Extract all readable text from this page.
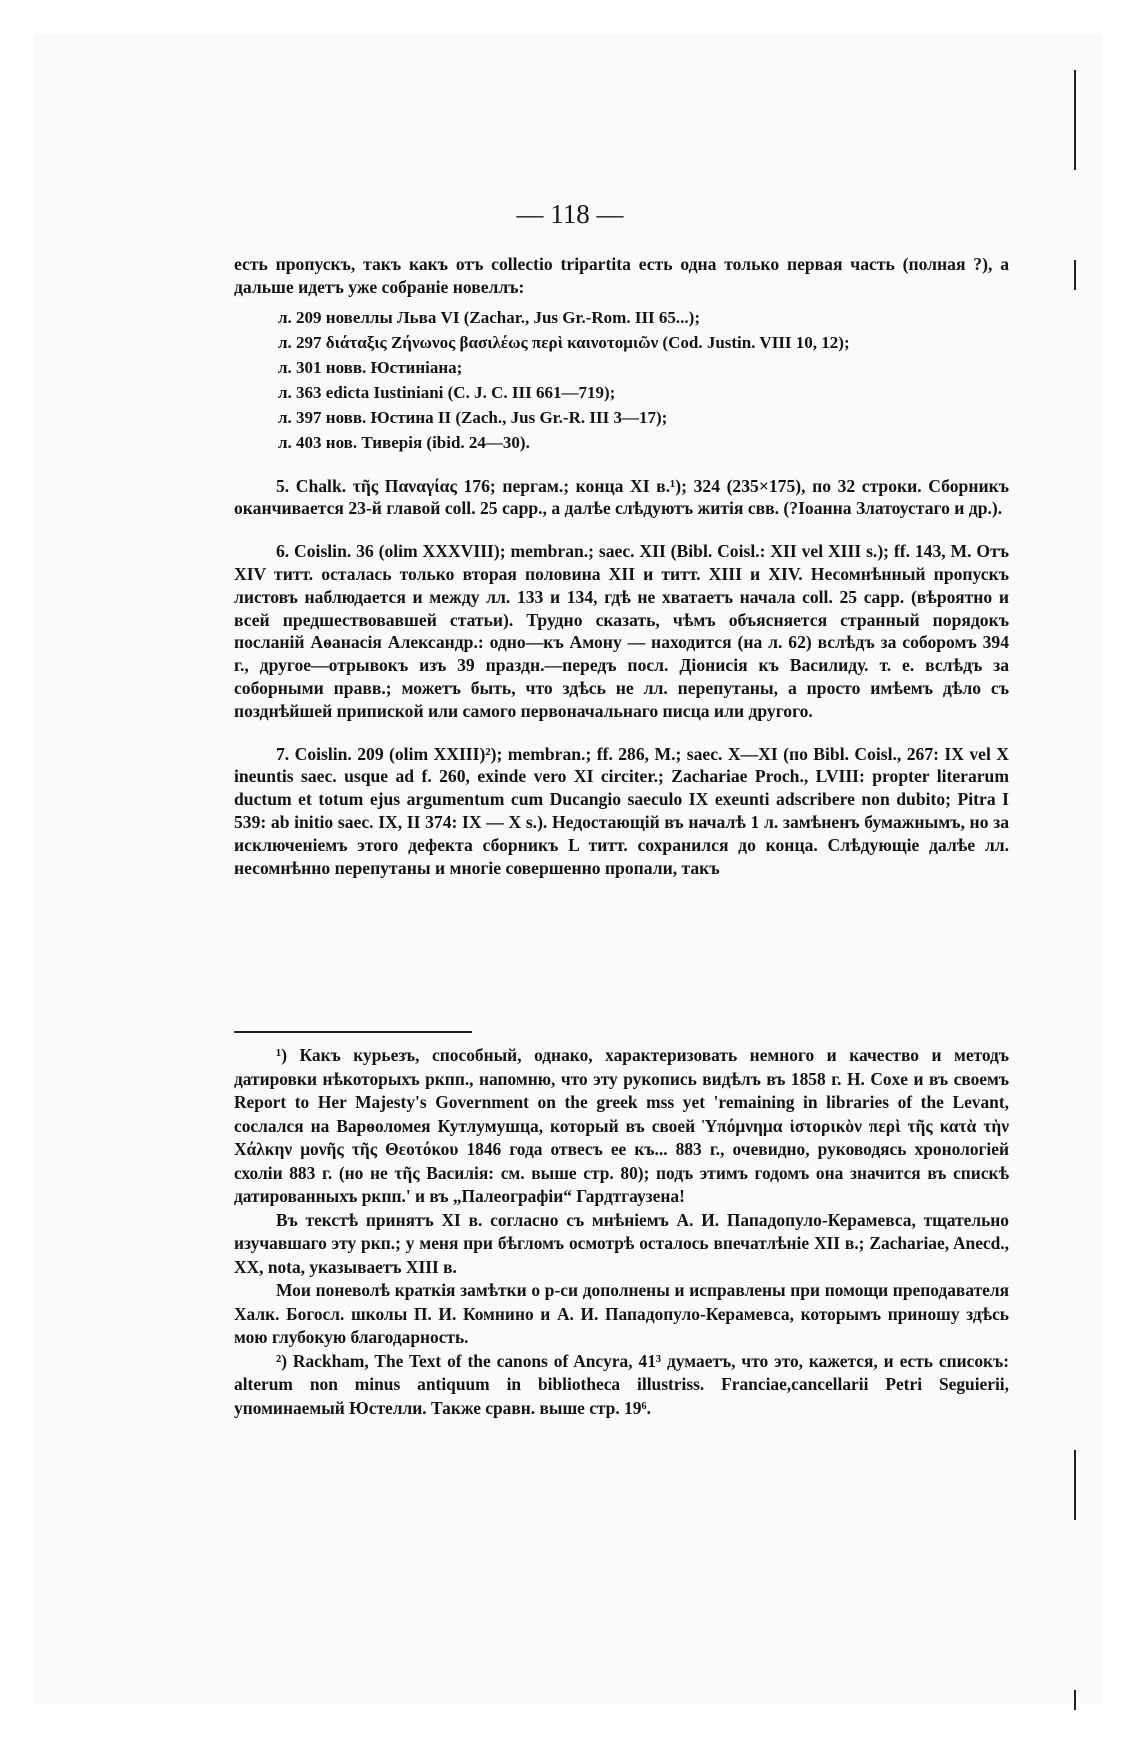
— 118 —

есть пропускъ, такъ какъ отъ collectio tripartita есть одна только первая часть (полная ?), а дальше идетъ уже собраніе новеллъ:

л. 209 новеллы Льва VI (Zachar., Jus Gr.-Rom. III 65...);
л. 297 διάταξις Ζήνωνος βασιλέως περὶ καινοτομιῶν (Cod. Justin. VIII 10, 12);
л. 301 новв. Юстиніана;
л. 363 edicta Iustiniani (C. J. C. III 661—719);
л. 397 новв. Юстина II (Zach., Jus Gr.-R. III 3—17);
л. 403 нов. Тиверія (ibid. 24—30).

5. Chalk. τῆς Παναγίας 176; пергам.; конца XI в.¹); 324 (235×175), по 32 строки. Сборникъ оканчивается 23-й главой coll. 25 capp., а далѣе слѣдуютъ житія свв. (?Іоанна Златоустаго и др.).

6. Coislin. 36 (olim XXXVIII); membran.; saec. XII (Bibl. Coisl.: XII vel XIII s.); ff. 143, M. Отъ XIV титт. осталась только вторая половина XII и титт. XIII и XIV. Несомнѣнный пропускъ листовъ наблюдается и между лл. 133 и 134, гдѣ не хватаетъ начала coll. 25 capp. (вѣроятно и всей предшествовавшей статьи). Трудно сказать, чѣмъ объясняется странный порядокъ посланій Аѳанасія Александр.: одно—къ Амону — находится (на л. 62) вслѣдъ за соборомъ 394 г., другое—отрывокъ изъ 39 праздн.—передъ посл. Діонисія къ Василиду. т. е. вслѣдъ за соборными правв.; можетъ быть, что здѣсь не лл. перепутаны, а просто имѣемъ дѣло съ позднѣйшей припиской или самого первоначальнаго писца или другого.

7. Coislin. 209 (olim XXIII)²); membran.; ff. 286, M.; saec. X—XI (по Bibl. Coisl., 267: IX vel X ineuntis saec. usque ad f. 260, exinde vero XI circiter.; Zachariae Proch., LVIII: propter literarum ductum et totum ejus argumentum cum Ducangio saeculo IX exeunti adscribere non dubito; Pitra I 539: ab initio saec. IX, II 374: IX — X s.). Недостающій въ началѣ 1 л. замѣненъ бумажнымъ, но за исключеніемъ этого дефекта сборникъ L титт. сохранился до конца. Слѣдующіе далѣе лл. несомнѣнно перепутаны и многіе совершенно пропали, такъ

¹) Какъ курьезъ, способный, однако, характеризовать немного и качество и методъ датировки нѣкоторыхъ ркпп., напомню, что эту рукопись видѣлъ въ 1858 г. H. Coxe и въ своемъ Report to Her Majesty's Government on the greek mss yet 'remaining in libraries of the Levant, сослался на Варѳоломея Кутлумушца, который въ своей Ὑπόμνημα ἱστορικὸν περὶ τῆς κατὰ τὴν Χάλκην μονῆς τῆς Θεοτόκου 1846 года отвесъ ее къ... 883 г., очевидно, руководясь хронологіей схоліи 883 г. (но не τῆς Василія: см. выше стр. 80); подъ этимъ годомъ она значится въ спискѣ датированныхъ ркпп.' и въ „Палеографіи“ Гардтгаузена!

Въ текстѣ принятъ XI в. согласно съ мнѣніемъ А. И. Пападопуло-Керамевса, тщательно изучавшаго эту ркп.; у меня при бѣгломъ осмотрѣ осталось впечатлѣніе XII в.; Zachariae, Anecd., XX, nota, указываетъ XIII в.

Мои поневолѣ краткія замѣтки о р-си дополнены и исправлены при помощи преподавателя Халк. Богосл. школы П. И. Комнино и А. И. Пападопуло-Керамевса, которымъ приношу здѣсь мою глубокую благодарность.

²) Rackham, The Text of the canons of Ancyra, 41³ думаетъ, что это, кажется, и есть списокъ: alterum non minus antiquum in bibliotheca illustriss. Franciae,cancellarii Petri Seguierii, упоминаемый Юстелли. Также сравн. выше стр. 19⁶.
